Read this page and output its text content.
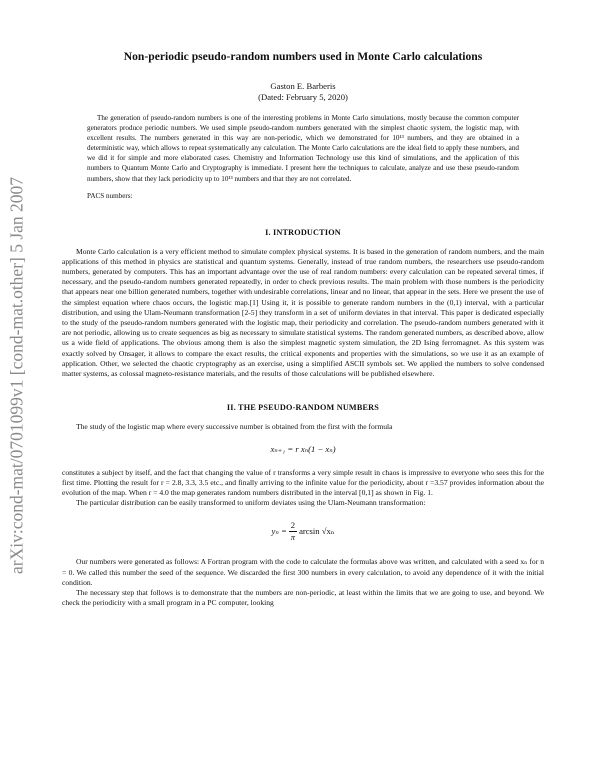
arXiv:cond-mat/0701099v1 [cond-mat.other] 5 Jan 2007
Non-periodic pseudo-random numbers used in Monte Carlo calculations
Gaston E. Barberis
(Dated: February 5, 2020)

The generation of pseudo-random numbers is one of the interesting problems in Monte Carlo simulations, mostly because the common computer generators produce periodic numbers. We used simple pseudo-random numbers generated with the simplest chaotic system, the logistic map, with excellent results. The numbers generated in this way are non-periodic, which we demonstrated for 10¹³ numbers, and they are obtained in a deterministic way, which allows to repeat systematically any calculation. The Monte Carlo calculations are the ideal field to apply these numbers, and we did it for simple and more elaborated cases. Chemistry and Information Technology use this kind of simulations, and the application of this numbers to Quantum Monte Carlo and Cryptography is immediate. I present here the techniques to calculate, analyze and use these pseudo-random numbers, show that they lack periodicity up to 10¹³ numbers and that they are not correlated.

PACS numbers:
I. INTRODUCTION

Monte Carlo calculation is a very efficient method to simulate complex physical systems. It is based in the generation of random numbers, and the main applications of this method in physics are statistical and quantum systems. Generally, instead of true random numbers, the researchers use pseudo-random numbers, generated by computers. This has an important advantage over the use of real random numbers: every calculation can be repeated several times, if necessary, and the pseudo-random numbers generated repeatedly, in order to check previous results. The main problem with those numbers is the periodicity that appears near one billion generated numbers, together with undesirable correlations, linear and no linear, that appear in the sets. Here we present the use of the simplest equation where chaos occurs, the logistic map.[1] Using it, it is possible to generate random numbers in the (0,1) interval, with a particular distribution, and using the Ulam-Neumann transformation [2-5] they transform in a set of uniform deviates in that interval. This paper is dedicated especially to the study of the pseudo-random numbers generated with the logistic map, their periodicity and correlation. The pseudo-random numbers generated with it are not periodic, allowing us to create sequences as big as necessary to simulate statistical systems. The random generated numbers, as described above, allow us a wide field of applications. The obvious among them is also the simplest magnetic system simulation, the 2D Ising ferromagnet. As this system was exactly solved by Onsager, it allows to compare the exact results, the critical exponents and properties with the simulations, so we use it as an example of application. Other, we selected the chaotic cryptography as an exercise, using a simplified ASCII symbols set. We applied the numbers to solve condensed matter systems, as colossal magneto-resistance materials, and the results of those calculations will be published elsewhere.

II. THE PSEUDO-RANDOM NUMBERS

The study of the logistic map where every successive number is obtained from the first with the formula

xₙ₊₁ = r xₙ(1 − xₙ)

constitutes a subject by itself, and the fact that changing the value of r transforms a very simple result in chaos is impressive to everyone who sees this for the first time. Plotting the result for r = 2.8, 3.3, 3.5 etc., and finally arriving to the infinite value for the periodicity, about r =3.57 provides information about the evolution of the map. When r = 4.0 the map generates random numbers distributed in the interval [0,1] as shown in Fig. 1.

The particular distribution can be easily transformed to uniform deviates using the Ulam-Neumann transformation:

$y_n = \frac{2}{\pi}$ arcsin √xₙ

Our numbers were generated as follows: A Fortran program with the code to calculate the formulas above was written, and calculated with a seed xₙ for n = 0. We called this number the seed of the sequence. We discarded the first 300 numbers in every calculation, to avoid any dependence of it with the initial condition.

The necessary step that follows is to demonstrate that the numbers are non-periodic, at least within the limits that we are going to use, and beyond. We check the periodicity with a small program in a PC computer, looking
